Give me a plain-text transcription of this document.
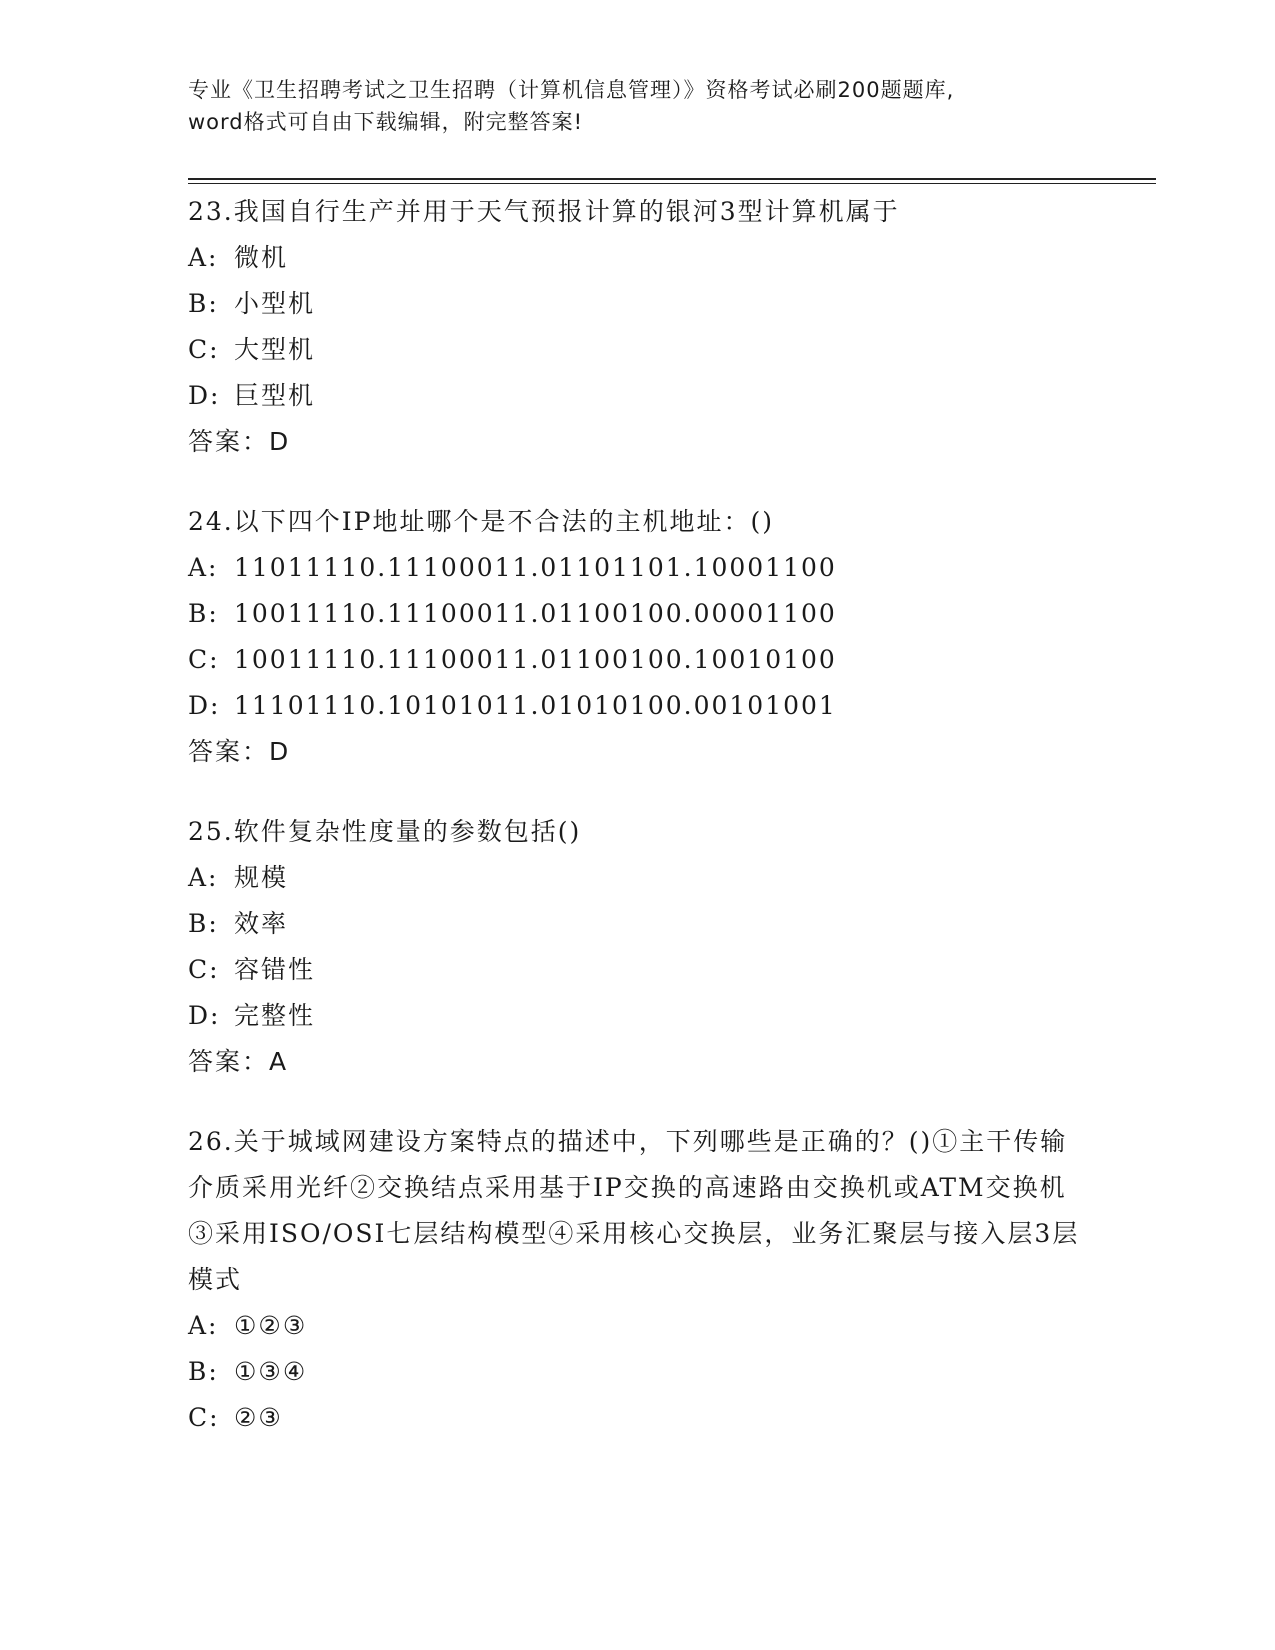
专业《卫生招聘考试之卫生招聘（计算机信息管理）》资格考试必刷200题题库,
word格式可自由下载编辑，附完整答案!

23.我国自行生产并用于天气预报计算的银河3型计算机属于

A: 微机

B: 小型机

C: 大型机

D: 巨型机

答案：D

24.以下四个IP地址哪个是不合法的主机地址：()

A: 11011110.11100011.01101101.10001100

B: 10011110.11100011.01100100.00001100

C: 10011110.11100011.01100100.10010100

D: 11101110.10101011.01010100.00101001

答案：D

25.软件复杂性度量的参数包括()

A: 规模

B: 效率

C: 容错性

D: 完整性

答案：A

26.关于城域网建设方案特点的描述中，下列哪些是正确的？()①主干传输介质采用光纤②交换结点采用基于IP交换的高速路由交换机或ATM交换机③采用ISO/OSI七层结构模型④采用核心交换层，业务汇聚层与接入层3层模式

A: ①②③

B: ①③④

C: ②③
